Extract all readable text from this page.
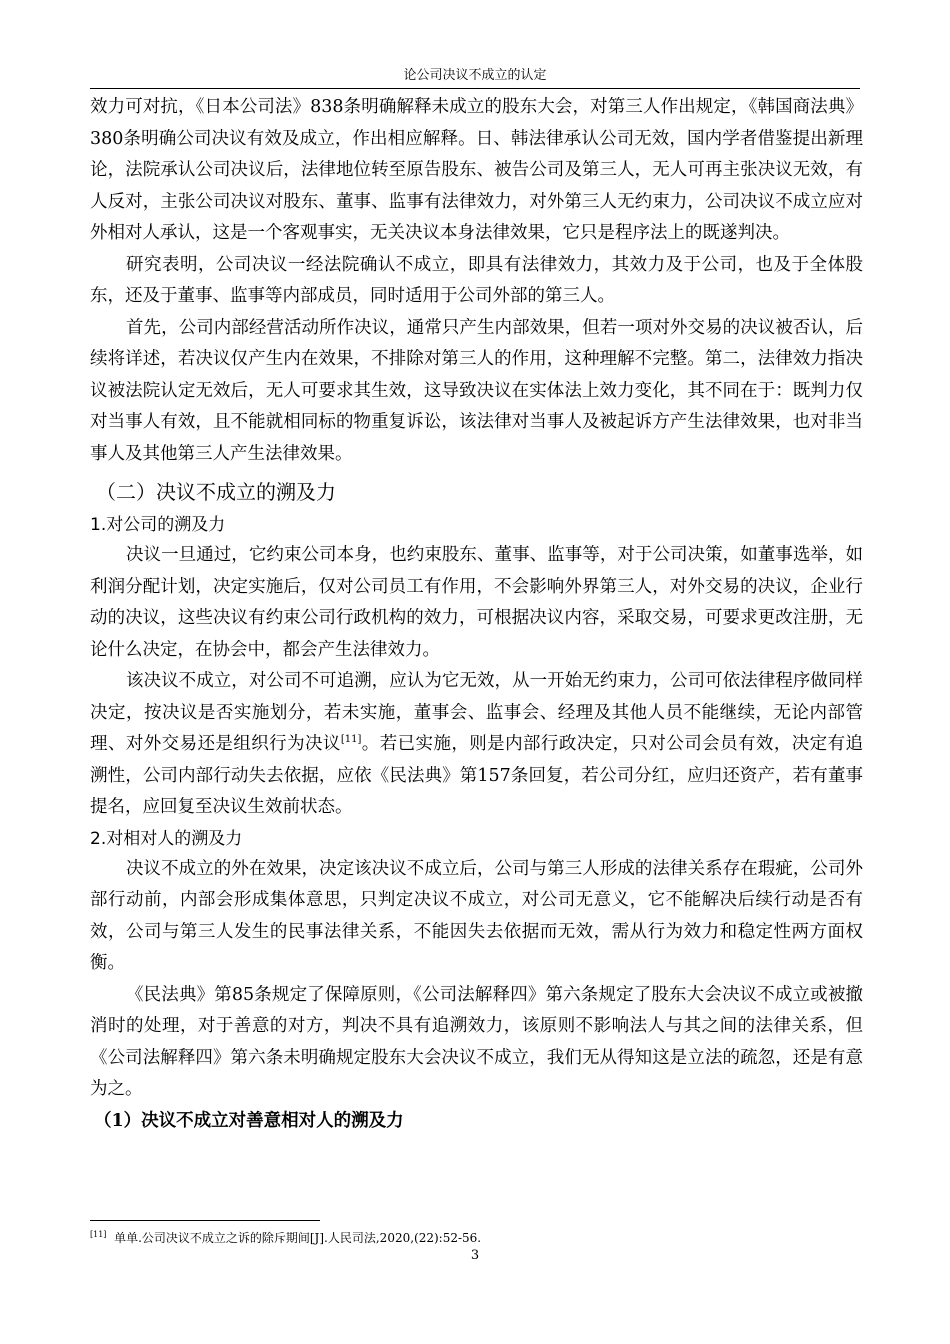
论公司决议不成立的认定

效力可对抗，《日本公司法》838条明确解释未成立的股东大会，对第三人作出规定，《韩国商法典》380条明确公司决议有效及成立，作出相应解释。日、韩法律承认公司无效，国内学者借鉴提出新理论，法院承认公司决议后，法律地位转至原告股东、被告公司及第三人，无人可再主张决议无效，有人反对，主张公司决议对股东、董事、监事有法律效力，对外第三人无约束力，公司决议不成立应对外相对人承认，这是一个客观事实，无关决议本身法律效果，它只是程序法上的既遂判决。

研究表明，公司决议一经法院确认不成立，即具有法律效力，其效力及于公司，也及于全体股东，还及于董事、监事等内部成员，同时适用于公司外部的第三人。

首先，公司内部经营活动所作决议，通常只产生内部效果，但若一项对外交易的决议被否认，后续将详述，若决议仅产生内在效果，不排除对第三人的作用，这种理解不完整。第二，法律效力指决议被法院认定无效后，无人可要求其生效，这导致决议在实体法上效力变化，其不同在于：既判力仅对当事人有效，且不能就相同标的物重复诉讼，该法律对当事人及被起诉方产生法律效果，也对非当事人及其他第三人产生法律效果。

（二）决议不成立的溯及力
1.对公司的溯及力

决议一旦通过，它约束公司本身，也约束股东、董事、监事等，对于公司决策，如董事选举，如利润分配计划，决定实施后，仅对公司员工有作用，不会影响外界第三人，对外交易的决议，企业行动的决议，这些决议有约束公司行政机构的效力，可根据决议内容，采取交易，可要求更改注册，无论什么决定，在协会中，都会产生法律效力。

该决议不成立，对公司不可追溯，应认为它无效，从一开始无约束力，公司可依法律程序做同样决定，按决议是否实施划分，若未实施，董事会、监事会、经理及其他人员不能继续，无论内部管理、对外交易还是组织行为决议[11]。若已实施，则是内部行政决定，只对公司会员有效，决定有追溯性，公司内部行动失去依据，应依《民法典》第157条回复，若公司分红，应归还资产，若有董事提名，应回复至决议生效前状态。

2.对相对人的溯及力

决议不成立的外在效果，决定该决议不成立后，公司与第三人形成的法律关系存在瑕疵，公司外部行动前，内部会形成集体意思，只判定决议不成立，对公司无意义，它不能解决后续行动是否有效，公司与第三人发生的民事法律关系，不能因失去依据而无效，需从行为效力和稳定性两方面权衡。

《民法典》第85条规定了保障原则，《公司法解释四》第六条规定了股东大会决议不成立或被撤消时的处理，对于善意的对方，判决不具有追溯效力，该原则不影响法人与其之间的法律关系，但《公司法解释四》第六条未明确规定股东大会决议不成立，我们无从得知这是立法的疏忽，还是有意为之。

（1）决议不成立对善意相对人的溯及力
[11] 单单.公司决议不成立之诉的除斥期间[J].人民司法,2020,(22):52-56.
3
